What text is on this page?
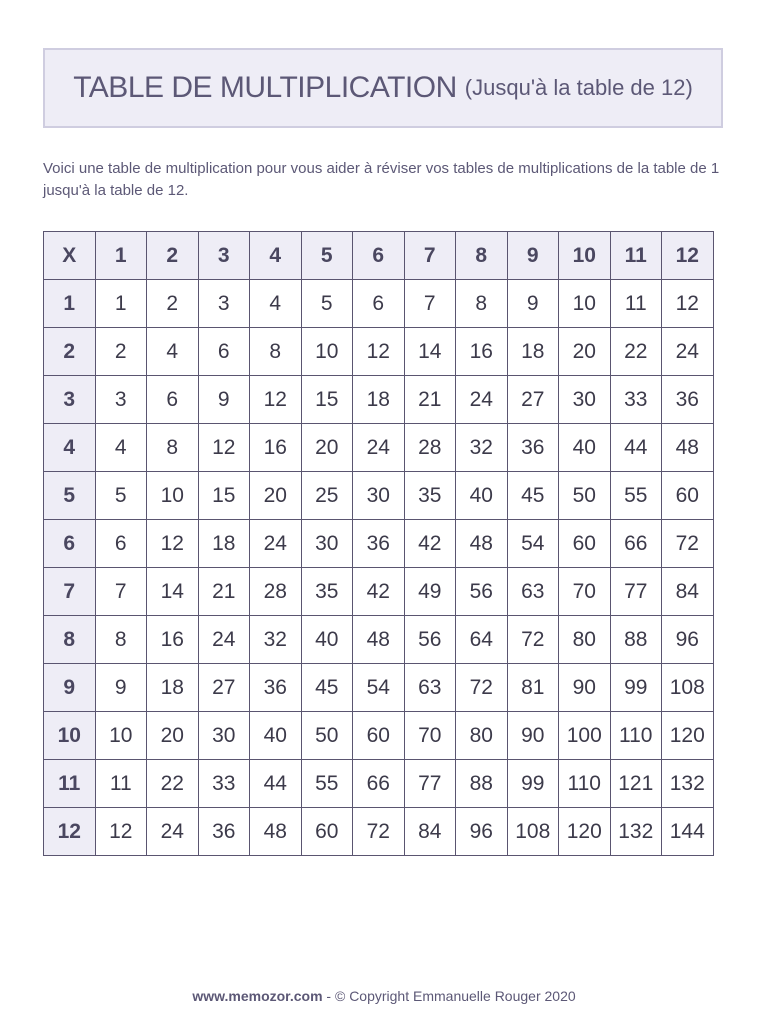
TABLE DE MULTIPLICATION (Jusqu'à la table de 12)
Voici une table de multiplication pour vous aider à réviser vos tables de multiplications de la table de 1 jusqu'à la table de 12.
X	1	2	3	4	5	6	7	8	9	10	11	12
1	1	2	3	4	5	6	7	8	9	10	11	12
2	2	4	6	8	10	12	14	16	18	20	22	24
3	3	6	9	12	15	18	21	24	27	30	33	36
4	4	8	12	16	20	24	28	32	36	40	44	48
5	5	10	15	20	25	30	35	40	45	50	55	60
6	6	12	18	24	30	36	42	48	54	60	66	72
7	7	14	21	28	35	42	49	56	63	70	77	84
8	8	16	24	32	40	48	56	64	72	80	88	96
9	9	18	27	36	45	54	63	72	81	90	99	108
10	10	20	30	40	50	60	70	80	90	100	110	120
11	11	22	33	44	55	66	77	88	99	110	121	132
12	12	24	36	48	60	72	84	96	108	120	132	144
www.memozor.com - © Copyright Emmanuelle Rouger 2020
